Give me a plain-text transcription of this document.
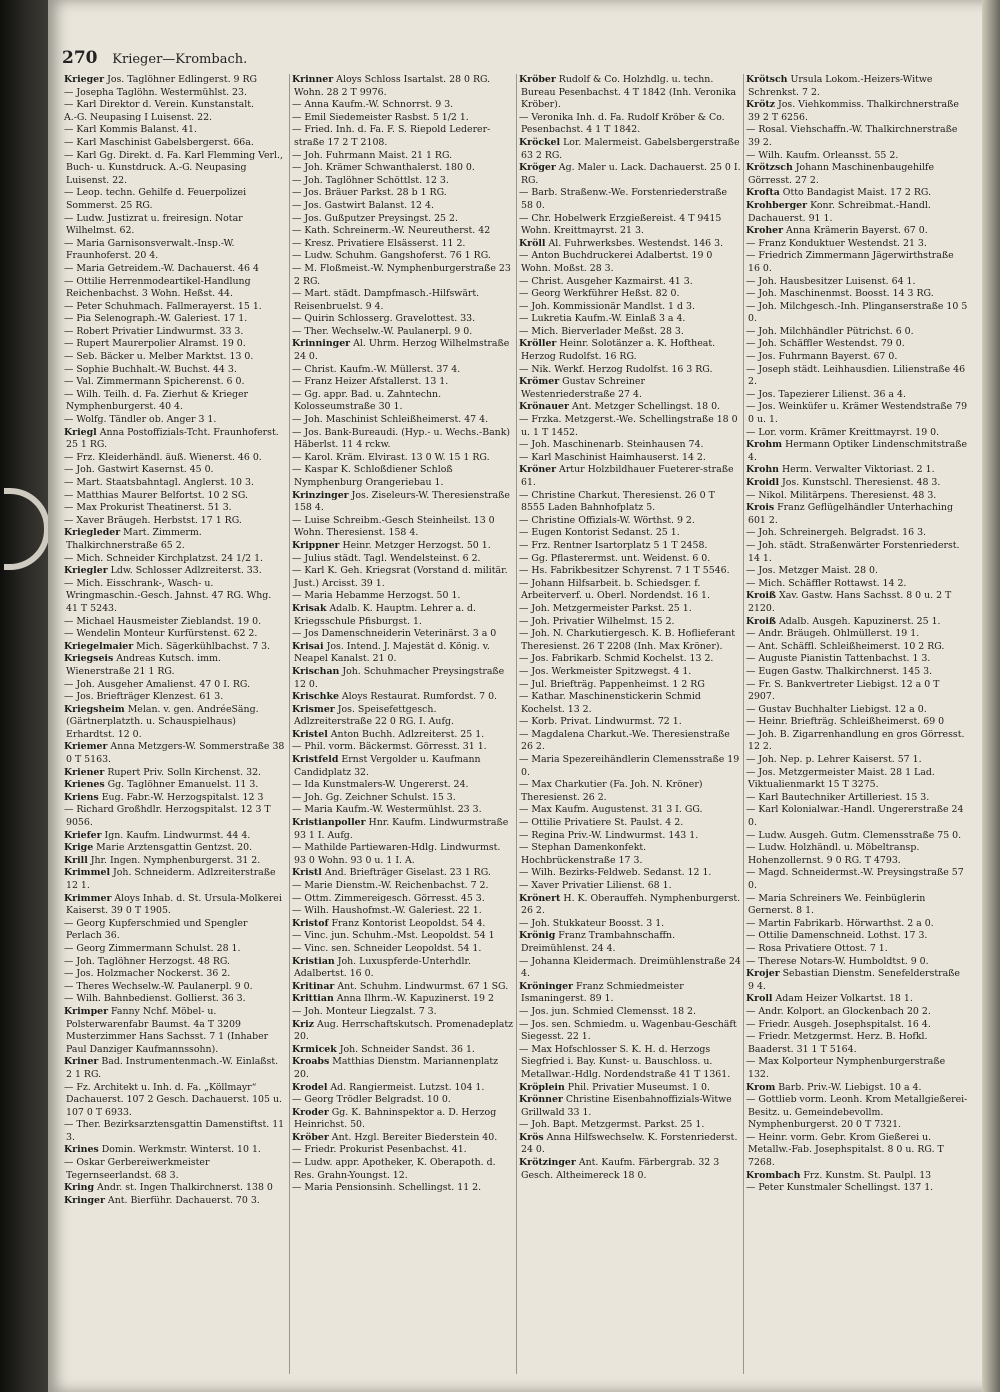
270 Krieger—Krombach.

Krieger Jos. Taglöhner Edlingerst. 9 RG

— Josepha Taglöhn. Westermühlst. 23.

— Karl Direktor d. Verein. Kunstanstalt.

A.-G. Neupasing I Luisenst. 22.

— Karl Kommis Balanst. 41.

— Karl Maschinist Gabelsbergerst. 66a.

— Karl Gg. Direkt. d. Fa. Karl Flemming Verl., Buch- u. Kunstdruck. A.-G. Neupasing Luisenst. 22.

— Leop. techn. Gehilfe d. Feuerpolizei Sommerst. 25 RG.

— Ludw. Justizrat u. freiresign. Notar Wilhelmst. 62.

— Maria Garnisonsverwalt.-Insp.-W. Fraunhoferst. 20 4.

— Maria Getreidem.-W. Dachauerst. 46 4

— Ottilie Herrenmodeartikel-Handlung Reichenbachst. 3 Wohn. Heßst. 44.

— Peter Schuhmach. Fallmerayerst. 15 1.

— Pia Selenograph.-W. Galeriest. 17 1.

— Robert Privatier Lindwurmst. 33 3.

— Rupert Maurerpolier Alramst. 19 0.

— Seb. Bäcker u. Melber Marktst. 13 0.

— Sophie Buchhalt.-W. Buchst. 44 3.

— Val. Zimmermann Spicherenst. 6 0.

— Wilh. Teilh. d. Fa. Zierhut & Krieger Nymphenburgerst. 40 4.

— Wolfg. Tändler ob. Anger 3 1.

Kriegl Anna Postoffizials-Tcht. Fraunhoferst. 25 1 RG.

— Frz. Kleiderhändl. äuß. Wienerst. 46 0.

— Joh. Gastwirt Kasernst. 45 0.

— Mart. Staatsbahntagl. Anglerst. 10 3.

— Matthias Maurer Belfortst. 10 2 SG.

— Max Prokurist Theatinerst. 51 3.

— Xaver Bräugeh. Herbstst. 17 1 RG.

Kriegleder Mart. Zimmerm. Thalkirchnerstraße 65 2.

— Mich. Schneider Kirchplatzst. 24 1/2 1.

Kriegler Ldw. Schlosser Adlzreiterst. 33.

— Mich. Eisschrank-, Wasch- u. Wringmaschin.-Gesch. Jahnst. 47 RG. Whg. 41 T 5243.

— Michael Hausmeister Zieblandst. 19 0.

— Wendelin Monteur Kurfürstenst. 62 2.

Kriegelmaier Mich. Sägerkühlbachst. 7 3.

Kriegseis Andreas Kutsch. imm. Wienerstraße 21 1 RG.

— Joh. Ausgeher Amalienst. 47 0 I. RG.

— Jos. Briefträger Klenzest. 61 3.

Kriegsheim Melan. v. gen. AndréeSäng. (Gärtnerplatzth. u. Schauspielhaus) Erhardtst. 12 0.

Kriemer Anna Metzgers-W. Sommerstraße 38 0 T 5163.

Kriener Rupert Priv. Solln Kirchenst. 32.

Krienes Gg. Taglöhner Emanuelst. 11 3.

Kriens Eug. Fabr.-W. Herzogspitalst. 12 3

— Richard Großhdlr. Herzogspitalst. 12 3 T 9056.

Kriefer Ign. Kaufm. Lindwurmst. 44 4.

Krige Marie Arztensgattin Gentzst. 20.

Krill Jhr. Ingen. Nymphenburgerst. 31 2.

Krimmel Joh. Schneiderm. Adlzreiterstraße 12 1.

Krimmer Aloys Inhab. d. St. Ursula-Molkerei Kaiserst. 39 0 T 1905.

— Georg Kupferschmied und Spengler Perlach 36.

— Georg Zimmermann Schulst. 28 1.

— Joh. Taglöhner Herzogst. 48 RG.

— Jos. Holzmacher Nockerst. 36 2.

— Theres Wechselw.-W. Paulanerpl. 9 0.

— Wilh. Bahnbedienst. Gollierst. 36 3.

Krimper Fanny Nchf. Möbel- u. Polsterwarenfabr Baumst. 4a T 3209 Musterzimmer Hans Sachsst. 7 1 (Inhaber Paul Danziger Kaufmannssohn).

Kriner Bad. Instrumentenmach.-W. Einlaßst. 2 1 RG.

— Fz. Architekt u. Inh. d. Fa. „Köllmayr“ Dachauerst. 107 2 Gesch. Dachauerst. 105 u. 107 0 T 6933.

— Ther. Bezirksarztensgattin Damenstiftst. 11 3.

Krines Domin. Werkmstr. Winterst. 10 1.

— Oskar Gerbereiwerkmeister Tegernseerlandst. 68 3.

Kring Andr. st. Ingen Thalkirchnerst. 138 0

Kringer Ant. Bierführ. Dachauerst. 70 3.

Krinner Aloys Schloss Isartalst. 28 0 RG. Wohn. 28 2 T 9976.

— Anna Kaufm.-W. Schnorrst. 9 3.

— Emil Siedemeister Rasbst. 5 1/2 1.

— Fried. Inh. d. Fa. F. S. Riepold Lederer-straße 17 2 T 2108.

— Joh. Fuhrmann Maist. 21 1 RG.

— Joh. Krämer Schwanthalerst. 180 0.

— Joh. Taglöhner Schöttlst. 12 3.

— Jos. Bräuer Parkst. 28 b 1 RG.

— Jos. Gastwirt Balanst. 12 4.

— Jos. Gußputzer Preysingst. 25 2.

— Kath. Schreinerm.-W. Neureutherst. 42

— Kresz. Privatiere Elsässerst. 11 2.

— Ludw. Schuhm. Gangshoferst. 76 1 RG.

— M. Floßmeist.-W. Nymphenburgerstraße 23 2 RG.

— Mart. städt. Dampfmasch.-Hilfswärt. Reisenbruelst. 9 4.

— Quirin Schlosserg. Gravelottest. 33.

— Ther. Wechselw.-W. Paulanerpl. 9 0.

Krinninger Al. Uhrm. Herzog Wilhelmstraße 24 0.

— Christ. Kaufm.-W. Müllerst. 37 4.

— Franz Heizer Afstallerst. 13 1.

— Gg. appr. Bad. u. Zahntechn. Kolosseumstraße 30 1.

— Joh. Maschinist Schleißheimerst. 47 4.

— Jos. Bank-Bureaudi. (Hyp.- u. Wechs.-Bank) Häberlst. 11 4 rckw.

— Karol. Kräm. Elvirast. 13 0 W. 15 1 RG.

— Kaspar K. Schloßdiener Schloß Nymphenburg Orangeriebau 1.

Krinzinger Jos. Ziseleurs-W. Theresienstraße 158 4.

— Luise Schreibm.-Gesch Steinheilst. 13 0 Wohn. Theresienst. 158 4.

Krippner Heinr. Metzger Herzogst. 50 1.

— Julius städt. Tagl. Wendelsteinst. 6 2.

— Karl K. Geh. Kriegsrat (Vorstand d. militär. Just.) Arcisst. 39 1.

— Maria Hebamme Herzogst. 50 1.

Krisak Adalb. K. Hauptm. Lehrer a. d. Kriegsschule Pfisburgst. 1.

— Jos Damenschneiderin Veterinärst. 3 a 0

Krisai Jos. Intend. J. Majestät d. König. v. Neapel Kanalst. 21 0.

Krischan Joh. Schuhmacher Preysingstraße 12 0.

Krischke Aloys Restaurat. Rumfordst. 7 0.

Krismer Jos. Speisefettgesch. Adlzreiterstraße 22 0 RG. I. Aufg.

Kristel Anton Buchh. Adlzreiterst. 25 1.

— Phil. vorm. Bäckermst. Görresst. 31 1.

Kristfeld Ernst Vergolder u. Kaufmann Candidplatz 32.

— Ida Kunstmalers-W. Ungererst. 24.

— Joh. Gg. Zeichner Schulst. 15 3.

— Maria Kaufm.-W. Westermühlst. 23 3.

Kristianpoller Hnr. Kaufm. Lindwurmstraße 93 1 I. Aufg.

— Mathilde Partiewaren-Hdlg. Lindwurmst. 93 0 Wohn. 93 0 u. 1 I. A.

Kristl And. Briefträger Giselast. 23 1 RG.

— Marie Dienstm.-W. Reichenbachst. 7 2.

— Ottm. Zimmereigesch. Görresst. 45 3.

— Wilh. Haushofmst.-W. Galeriest. 22 1.

Kristof Franz Kontorist Leopoldst. 54 4.

— Vinc. jun. Schuhm.-Mst. Leopoldst. 54 1

— Vinc. sen. Schneider Leopoldst. 54 1.

Kristian Joh. Luxuspferde-Unterhdlr. Adalbertst. 16 0.

Kritinar Ant. Schuhm. Lindwurmst. 67 1 SG.

Krittian Anna Ilhrm.-W. Kapuzinerst. 19 2

— Joh. Monteur Liegzalst. 7 3.

Kriz Aug. Herrschaftskutsch. Promenadeplatz 20.

Krmicek Joh. Schneider Sandst. 36 1.

Kroabs Matthias Dienstm. Mariannenplatz 20.

Krodel Ad. Rangiermeist. Lutzst. 104 1.

— Georg Trödler Belgradst. 10 0.

Kroder Gg. K. Bahninspektor a. D. Herzog Heinrichst. 50.

Kröber Ant. Hzgl. Bereiter Biederstein 40.

— Friedr. Prokurist Pesenbachst. 41.

— Ludw. appr. Apotheker, K. Oberapoth. d. Res. Grahn-Youngst. 12.

— Maria Pensionsinh. Schellingst. 11 2.

Kröber Rudolf & Co. Holzhdlg. u. techn. Bureau Pesenbachst. 4 T 1842 (Inh. Veronika Kröber).

— Veronika Inh. d. Fa. Rudolf Kröber & Co. Pesenbachst. 4 1 T 1842.

Kröckel Lor. Malermeist. Gabelsbergerstraße 63 2 RG.

Kröger Ag. Maler u. Lack. Dachauerst. 25 0 I. RG.

— Barb. Straßenw.-We. Forstenriederstraße 58 0.

— Chr. Hobelwerk Erzgießereist. 4 T 9415 Wohn. Kreittmayrst. 21 3.

Kröll Al. Fuhrwerksbes. Westendst. 146 3.

— Anton Buchdruckerei Adalbertst. 19 0 Wohn. Moßst. 28 3.

— Christ. Ausgeher Kazmairst. 41 3.

— Georg Werkführer Heßst. 82 0.

— Joh. Kommissionär Mandlst. 1 d 3.

— Lukretia Kaufm.-W. Einlaß 3 a 4.

— Mich. Bierverlader Meßst. 28 3.

Kröller Heinr. Solotänzer a. K. Hoftheat. Herzog Rudolfst. 16 RG.

— Nik. Werkf. Herzog Rudolfst. 16 3 RG.

Krömer Gustav Schreiner Westenriederstraße 27 4.

Krönauer Ant. Metzger Schellingst. 18 0.

— Frzka. Metzgerst.-We. Schellingstraße 18 0 u. 1 T 1452.

— Joh. Maschinenarb. Steinhausen 74.

— Karl Maschinist Haimhauserst. 14 2.

Kröner Artur Holzbildhauer Fueterer-straße 61.

— Christine Charkut. Theresienst. 26 0 T 8555 Laden Bahnhofplatz 5.

— Christine Offizials-W. Wörthst. 9 2.

— Eugen Kontorist Sedanst. 25 1.

— Frz. Rentner Isartorplatz 5 1 T 2458.

— Gg. Pflasterermst. unt. Weidenst. 6 0.

— Hs. Fabrikbesitzer Schyrenst. 7 1 T 5546.

— Johann Hilfsarbeit. b. Schiedsger. f. Arbeiterverf. u. Oberl. Nordendst. 16 1.

— Joh. Metzgermeister Parkst. 25 1.

— Joh. Privatier Wilhelmst. 15 2.

— Joh. N. Charkutiergesch. K. B. Hoflieferant Theresienst. 26 T 2208 (Inh. Max Kröner).

— Jos. Fabrikarb. Schmid Kochelst. 13 2.

— Jos. Werkmeister Spitzwegst. 4 1.

— Jul. Briefträg. Pappenheimst. 1 2 RG

— Kathar. Maschinenstickerin Schmid Kochelst. 13 2.

— Korb. Privat. Lindwurmst. 72 1.

— Magdalena Charkut.-We. Theresienstraße 26 2.

— Maria Spezereihändlerin Clemensstraße 19 0.

— Max Charkutier (Fa. Joh. N. Kröner) Theresienst. 26 2.

— Max Kaufm. Augustenst. 31 3 I. GG.

— Ottilie Privatiere St. Paulst. 4 2.

— Regina Priv.-W. Lindwurmst. 143 1.

— Stephan Damenkonfekt. Hochbrückenstraße 17 3.

— Wilh. Bezirks-Feldweb. Sedanst. 12 1.

— Xaver Privatier Lilienst. 68 1.

Krönert H. K. Oberauffeh. Nymphenburgerst. 26 2.

— Joh. Stukkateur Boosst. 3 1.

Krönig Franz Trambahnschaffn. Dreimühlenst. 24 4.

— Johanna Kleidermach. Dreimühlenstraße 24 4.

Kröninger Franz Schmiedmeister Ismaningerst. 89 1.

— Jos. jun. Schmied Clemensst. 18 2.

— Jos. sen. Schmiedm. u. Wagenbau-Geschäft Siegesst. 22 1.

— Max Hofschlosser S. K. H. d. Herzogs Siegfried i. Bay. Kunst- u. Bauschloss. u. Metallwar.-Hdlg. Nordendstraße 41 T 1361.

Kröplein Phil. Privatier Museumst. 1 0.

Krönner Christine Eisenbahnoffizials-Witwe Grillwald 33 1.

— Joh. Bapt. Metzgermst. Parkst. 25 1.

Krös Anna Hilfswechselw. K. Forstenriederst. 24 0.

Krötzinger Ant. Kaufm. Färbergrab. 32 3 Gesch. Altheimereck 18 0.

Krötsch Ursula Lokom.-Heizers-Witwe Schrenkst. 7 2.

Krötz Jos. Viehkommiss. Thalkirchnerstraße 39 2 T 6256.

— Rosal. Viehschaffn.-W. Thalkirchnerstraße 39 2.

— Wilh. Kaufm. Orleansst. 55 2.

Krötzsch Johann Maschinenbaugehilfe Görresst. 27 2.

Krofta Otto Bandagist Maist. 17 2 RG.

Krohberger Konr. Schreibmat.-Handl. Dachauerst. 91 1.

Kroher Anna Krämerin Bayerst. 67 0.

— Franz Konduktuer Westendst. 21 3.

— Friedrich Zimmermann Jägerwirthstraße 16 0.

— Joh. Hausbesitzer Luisenst. 64 1.

— Joh. Maschinenmst. Boosst. 14 3 RG.

— Joh. Milchgesch.-Inh. Plinganserstraße 10 5 0.

— Joh. Milchhändler Pütrichst. 6 0.

— Joh. Schäffler Westendst. 79 0.

— Jos. Fuhrmann Bayerst. 67 0.

— Joseph städt. Leihhausdien. Lilienstraße 46 2.

— Jos. Tapezierer Lilienst. 36 a 4.

— Jos. Weinküfer u. Krämer Westendstraße 79 0 u. 1.

— Lor. vorm. Krämer Kreittmayrst. 19 0.

Krohm Hermann Optiker Lindenschmitstraße 4.

Krohn Herm. Verwalter Viktoriast. 2 1.

Kroidl Jos. Kunstschl. Theresienst. 48 3.

— Nikol. Militärpens. Theresienst. 48 3.

Krois Franz Geflügelhändler Unterhaching 601 2.

— Joh. Schreinergeh. Belgradst. 16 3.

— Joh. städt. Straßenwärter Forstenriederst. 14 1.

— Jos. Metzger Maist. 28 0.

— Mich. Schäffler Rottawst. 14 2.

Kroiß Xav. Gastw. Hans Sachsst. 8 0 u. 2 T 2120.

Kroiß Adalb. Ausgeh. Kapuzinerst. 25 1.

— Andr. Bräugeh. Ohlmüllerst. 19 1.

— Ant. Schäffl. Schleißheimerst. 10 2 RG.

— Auguste Pianistin Tattenbachst. 1 3.

— Eugen Gastw. Thalkirchnerst. 145 3.

— Fr. S. Bankvertreter Liebigst. 12 a 0 T 2907.

— Gustav Buchhalter Liebigst. 12 a 0.

— Heinr. Briefträg. Schleißheimerst. 69 0

— Joh. B. Zigarrenhandlung en gros Görresst. 12 2.

— Joh. Nep. p. Lehrer Kaiserst. 57 1.

— Jos. Metzgermeister Maist. 28 1 Lad. Viktualienmarkt 15 T 3275.

— Karl Bautechniker Artilleriest. 15 3.

— Karl Kolonialwar.-Handl. Ungererstraße 24 0.

— Ludw. Ausgeh. Gutm. Clemensstraße 75 0.

— Ludw. Holzhändl. u. Möbeltransp. Hohenzollernst. 9 0 RG. T 4793.

— Magd. Schneidermst.-W. Preysingstraße 57 0.

— Maria Schreiners We. Feinbüglerin Gernerst. 8 1.

— Martin Fabrikarb. Hörwarthst. 2 a 0.

— Ottilie Damenschneid. Lothst. 17 3.

— Rosa Privatiere Ottost. 7 1.

— Therese Notars-W. Humboldtst. 9 0.

Krojer Sebastian Dienstm. Senefelderstraße 9 4.

Kroll Adam Heizer Volkartst. 18 1.

— Andr. Kolport. an Glockenbach 20 2.

— Friedr. Ausgeh. Josephspitalst. 16 4.

— Friedr. Metzgermst. Herz. B. Hofkl. Baaderst. 31 1 T 5164.

— Max Kolporteur Nymphenburgerstraße 132.

Krom Barb. Priv.-W. Liebigst. 10 a 4.

— Gottlieb vorm. Leonh. Krom Metallgießerei-Besitz. u. Gemeindebevollm. Nymphenburgerst. 20 0 T 7321.

— Heinr. vorm. Gebr. Krom Gießerei u. Metallw.-Fab. Josephspitalst. 8 0 u. RG. T 7268.

Krombach Frz. Kunstm. St. Paulpl. 13

— Peter Kunstmaler Schellingst. 137 1.
